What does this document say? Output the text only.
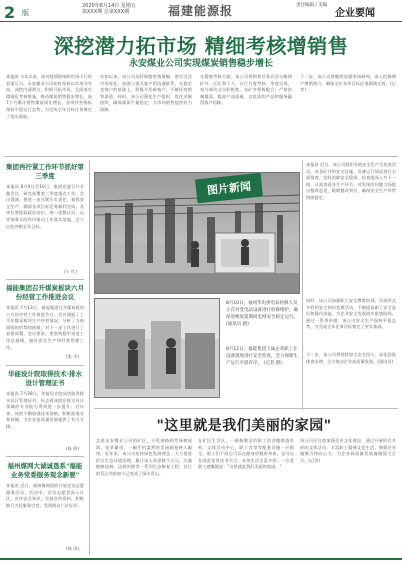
2 版
2020年8月14日 星期五
第XXX期 总第XXX期	福建能源报	责任编辑 / 美编
企业要闻
深挖潜力拓市场 精细考核增销售
永安煤业公司实现煤炭销售稳步增长
本报讯 今年以来，面对疫情影响和市场下行的双重压力，永安煤业公司始终坚持以市场为导向，深挖内部潜力，积极开拓市场，全面落实精细化考核措施，推动煤炭销售稳步增长。前7个月累计销售煤炭同比增长，各项经营指标保持平稳运行态势，为完成全年目标任务奠定了坚实基础。
年初以来，该公司及时调整营销策略，密切关注市场变化，加强与重点客户的沟通联系，在稳定老客户的基础上，积极开发新客户，不断拓宽销售渠道。同时，该公司强化生产组织，优化采掘接续，确保煤炭产量稳定，为市场销售提供有力保障。
在精细考核方面，该公司将销售任务层层分解到矿井、区队和个人，实行月度考核、季度兑现，充分调动全员积极性。各矿井积极配合，严格控制煤质，提高产品质量，以优质的产品和服务赢得客户信赖。
下一步，该公司将继续加强市场研判，深入挖掘增产增销潜力，确保全年各项目标任务圆满完成。(记者)
集团再拧紧工作环节抓好第三季度
本报讯 8月9日至10日，集团党委召开专题会议，研究部署第三季度重点工作。会议强调，要进一步压紧压实责任，狠抓安全生产，确保各项目标任务顺利完成。各单位要提高政治站位，统一思想认识，以更加务实的作风推动工作落实落地，全力以赴冲刺全年目标。
(小 红)
福能集团召开煤炭板块六月份经营工作推进会议
本报讯 7月13日，福能集团召开煤炭板块六月份经营工作推进会议。会议通报了上半年煤炭板块生产经营情况，分析了当前面临的形势和困难，对下一步工作进行了安排部署。会议要求，要坚持稳中求进工作总基调，做好安全生产和经营管理工作。
(张 平)
华能设计院取得技术·排水设计管理证书
本报讯 7月28日，华能设计院成功取得排水设计管理证书，标志着该院在排水设计领域的专业能力得到进一步提升。近年来，该院不断加强技术创新，积极拓展业务领域，为企业高质量发展提供了有力支撑。
(陈 明)
福州煤网大诚诚恳系"福能业务党委服务观念新要"
本报讯 近日，福州煤网组织开展党员志愿服务活动。活动中，党员志愿者深入社区，宣传安全知识，发放宣传资料，积极践行为民服务宗旨，受到群众广泛好评。
(林 涛)
本报讯 近日，该公司组织开展安全生产大检查活动，对各矿井的安全设施、设备运行情况进行全面排查，及时消除安全隐患。检查组深入井下一线，认真查看各生产环节，对发现的问题当场提出整改意见，限期整改到位，确保安全生产形势持续稳定。
同时，该公司加强职工安全教育培训，开展形式多样的安全知识竞赛活动，不断提高职工安全意识和操作技能，为企业安全发展筑牢思想防线。通过一系列举措，该公司安全生产保持平稳态势，为完成全年任务目标奠定了坚实基础。
下一步，该公司将持续加大安全投入，深化隐患排查治理，全力推动企业高质量发展。(通讯员)
图片新闻
8月10日，福州华电供电局检修人员正在对变电站设备进行检修维护，确保迎峰度夏期间电网安全稳定运行。 (通讯员 摄)
8月12日，福能集团下属企业职工在设备现场进行安全检查，全力保障生产运行平稳有序。 (记者 摄)
"这里就是我们美丽的家园"
走进永安煤业公司的矿区，只见道路两旁绿树成荫，花草繁茂，一幅生机盎然的美丽画卷映入眼帘。近年来，该公司坚持绿色发展理念，大力推进矿区生态环境治理，累计投入资金数千万元，实施植树造林、边坡治理等一系列生态修复工程，昔日的荒山秃岭如今已变成了绿水青山。
在矿区生活区，一栋栋整洁的职工宿舍楼错落有致，文体活动中心、职工食堂等配套设施一应俱全。职工们下班后可以在健身房锻炼身体，也可以在阅览室里读书学习，业余生活丰富多彩。一位老职工感慨地说："这里就是我们美丽的家园。"
该公司还注重加强企业文化建设，通过开展形式多样的文体活动，丰富职工精神文化生活，增强企业凝聚力和向心力，为企业高质量发展凝聚强大合力。(记者)
